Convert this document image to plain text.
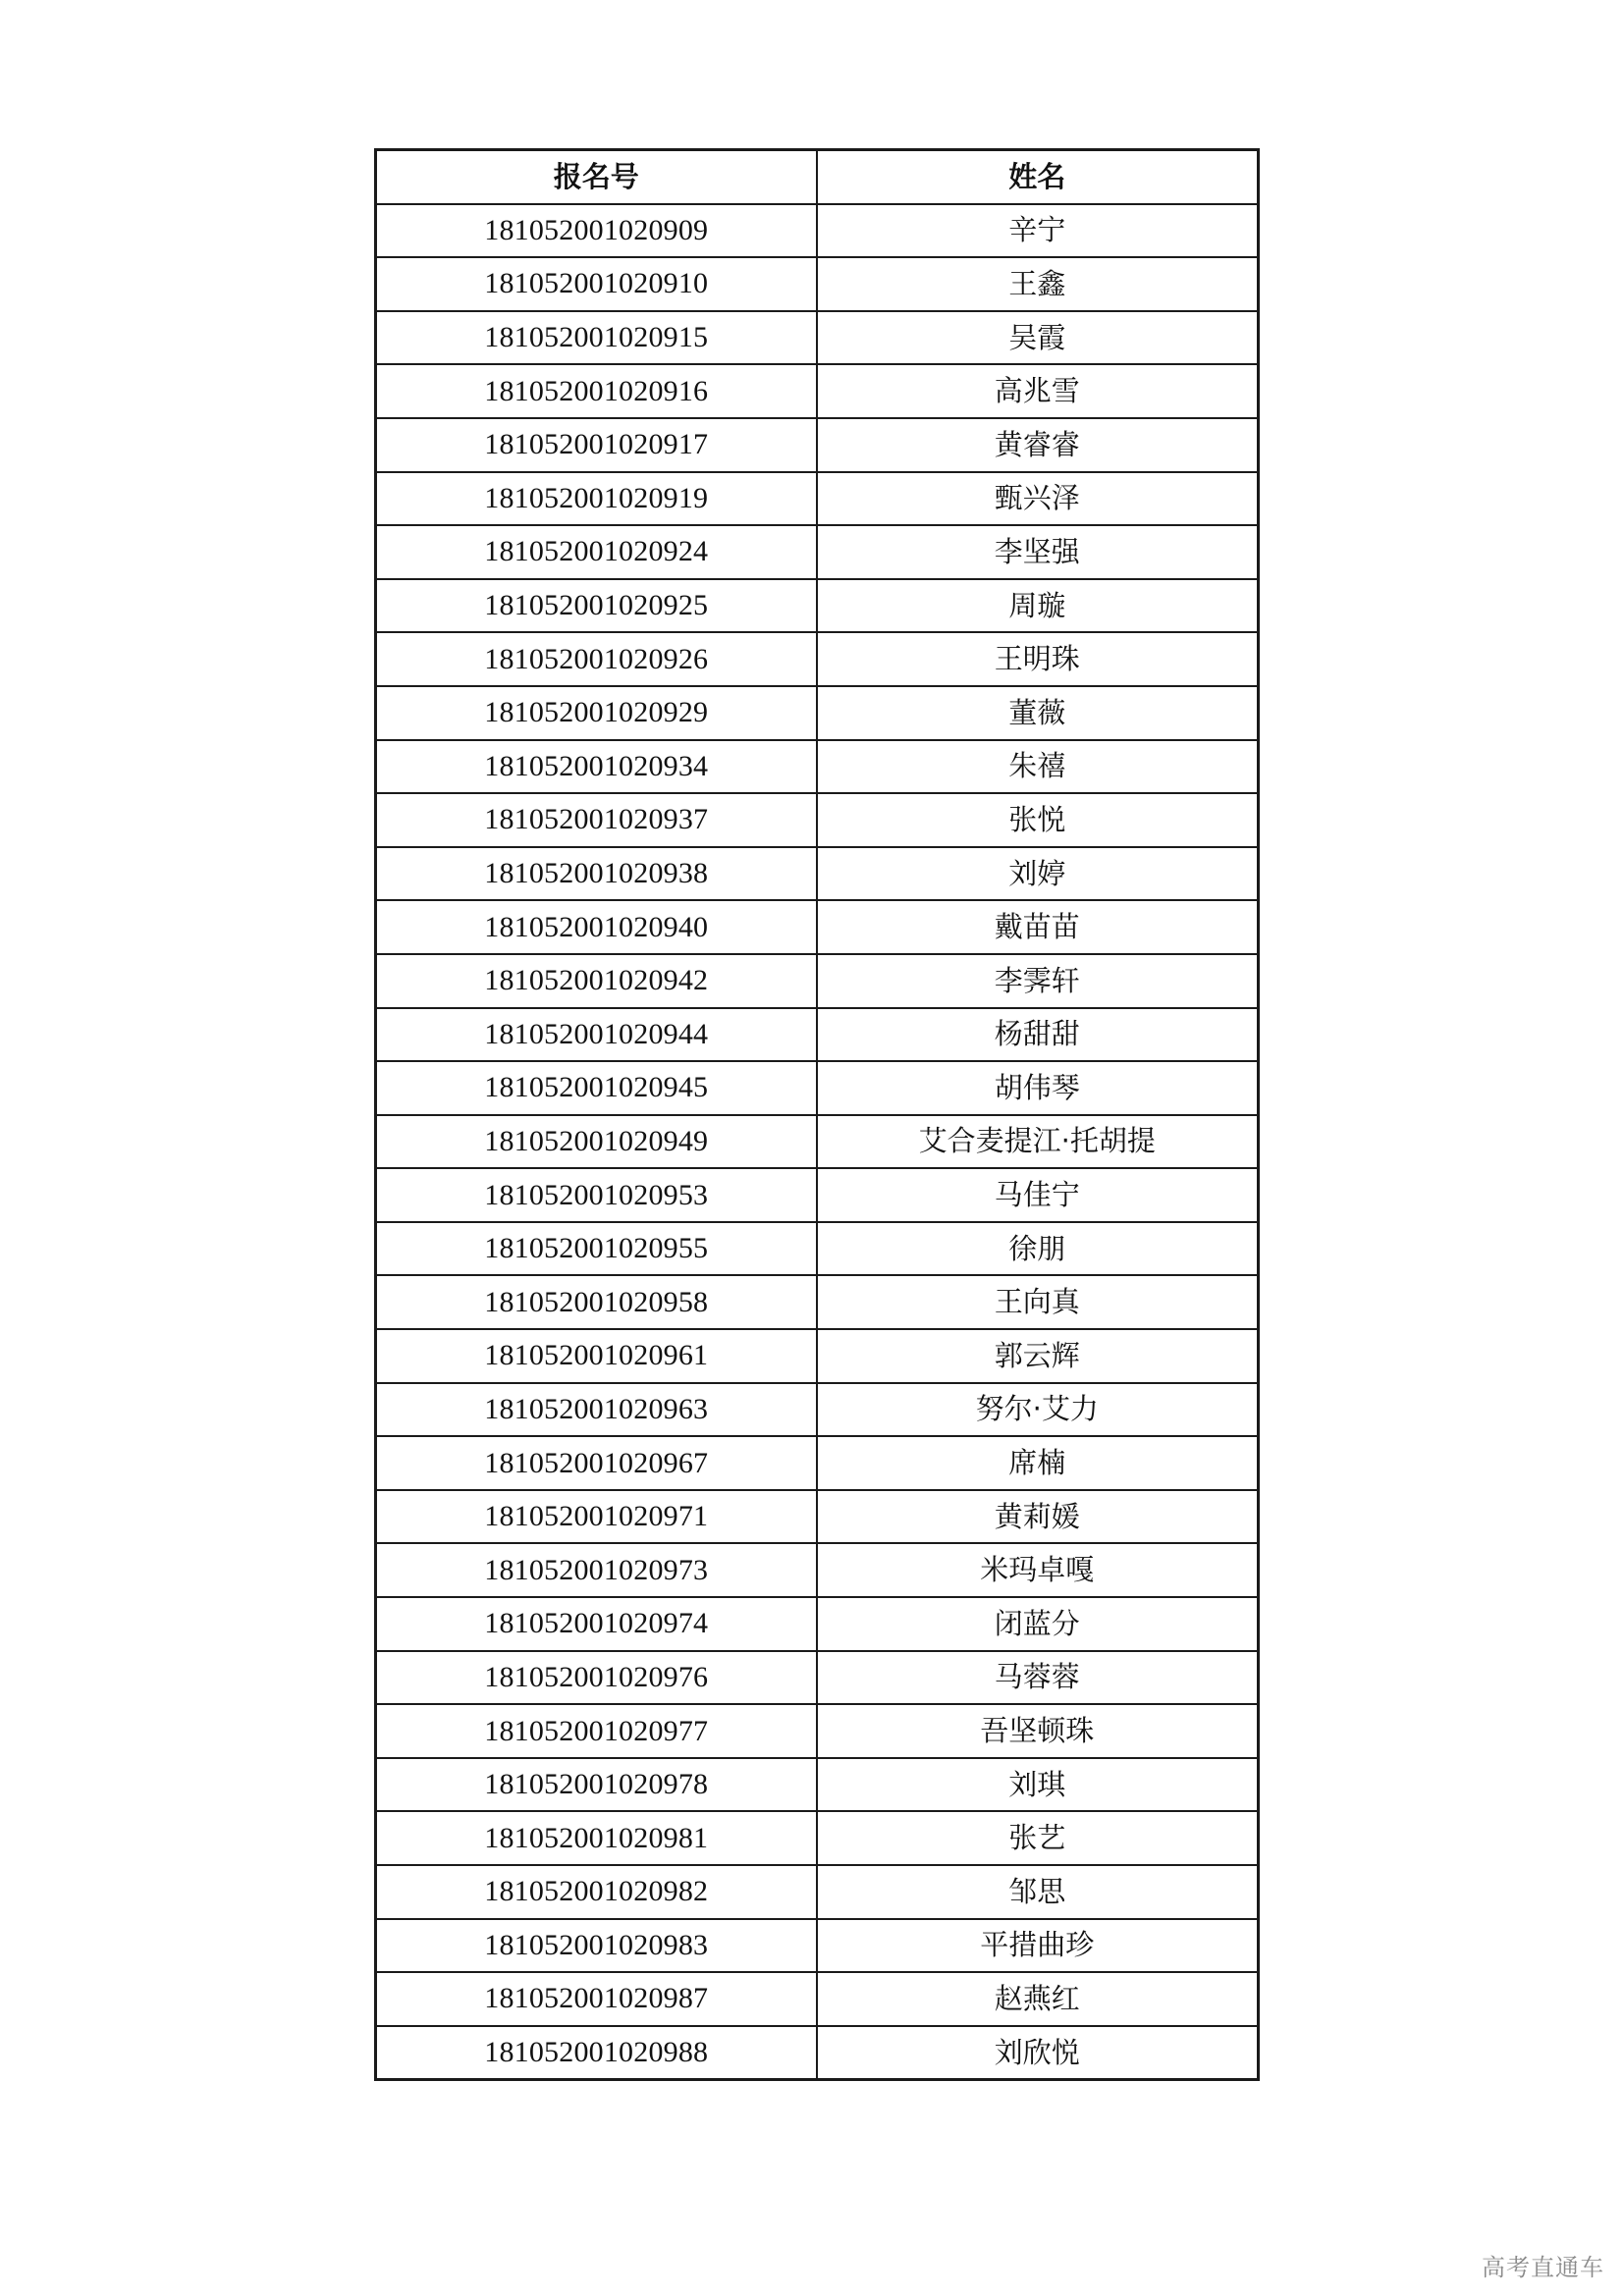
报名号	姓名
181052001020909	辛宁
181052001020910	王鑫
181052001020915	吴霞
181052001020916	高兆雪
181052001020917	黄睿睿
181052001020919	甄兴泽
181052001020924	李坚强
181052001020925	周璇
181052001020926	王明珠
181052001020929	董薇
181052001020934	朱禧
181052001020937	张悦
181052001020938	刘婷
181052001020940	戴苗苗
181052001020942	李霁轩
181052001020944	杨甜甜
181052001020945	胡伟琴
181052001020949	艾合麦提江·托胡提
181052001020953	马佳宁
181052001020955	徐朋
181052001020958	王向真
181052001020961	郭云辉
181052001020963	努尔·艾力
181052001020967	席楠
181052001020971	黄莉媛
181052001020973	米玛卓嘎
181052001020974	闭蓝分
181052001020976	马蓉蓉
181052001020977	吾坚顿珠
181052001020978	刘琪
181052001020981	张艺
181052001020982	邹思
181052001020983	平措曲珍
181052001020987	赵燕红
181052001020988	刘欣悦
高考直通车
